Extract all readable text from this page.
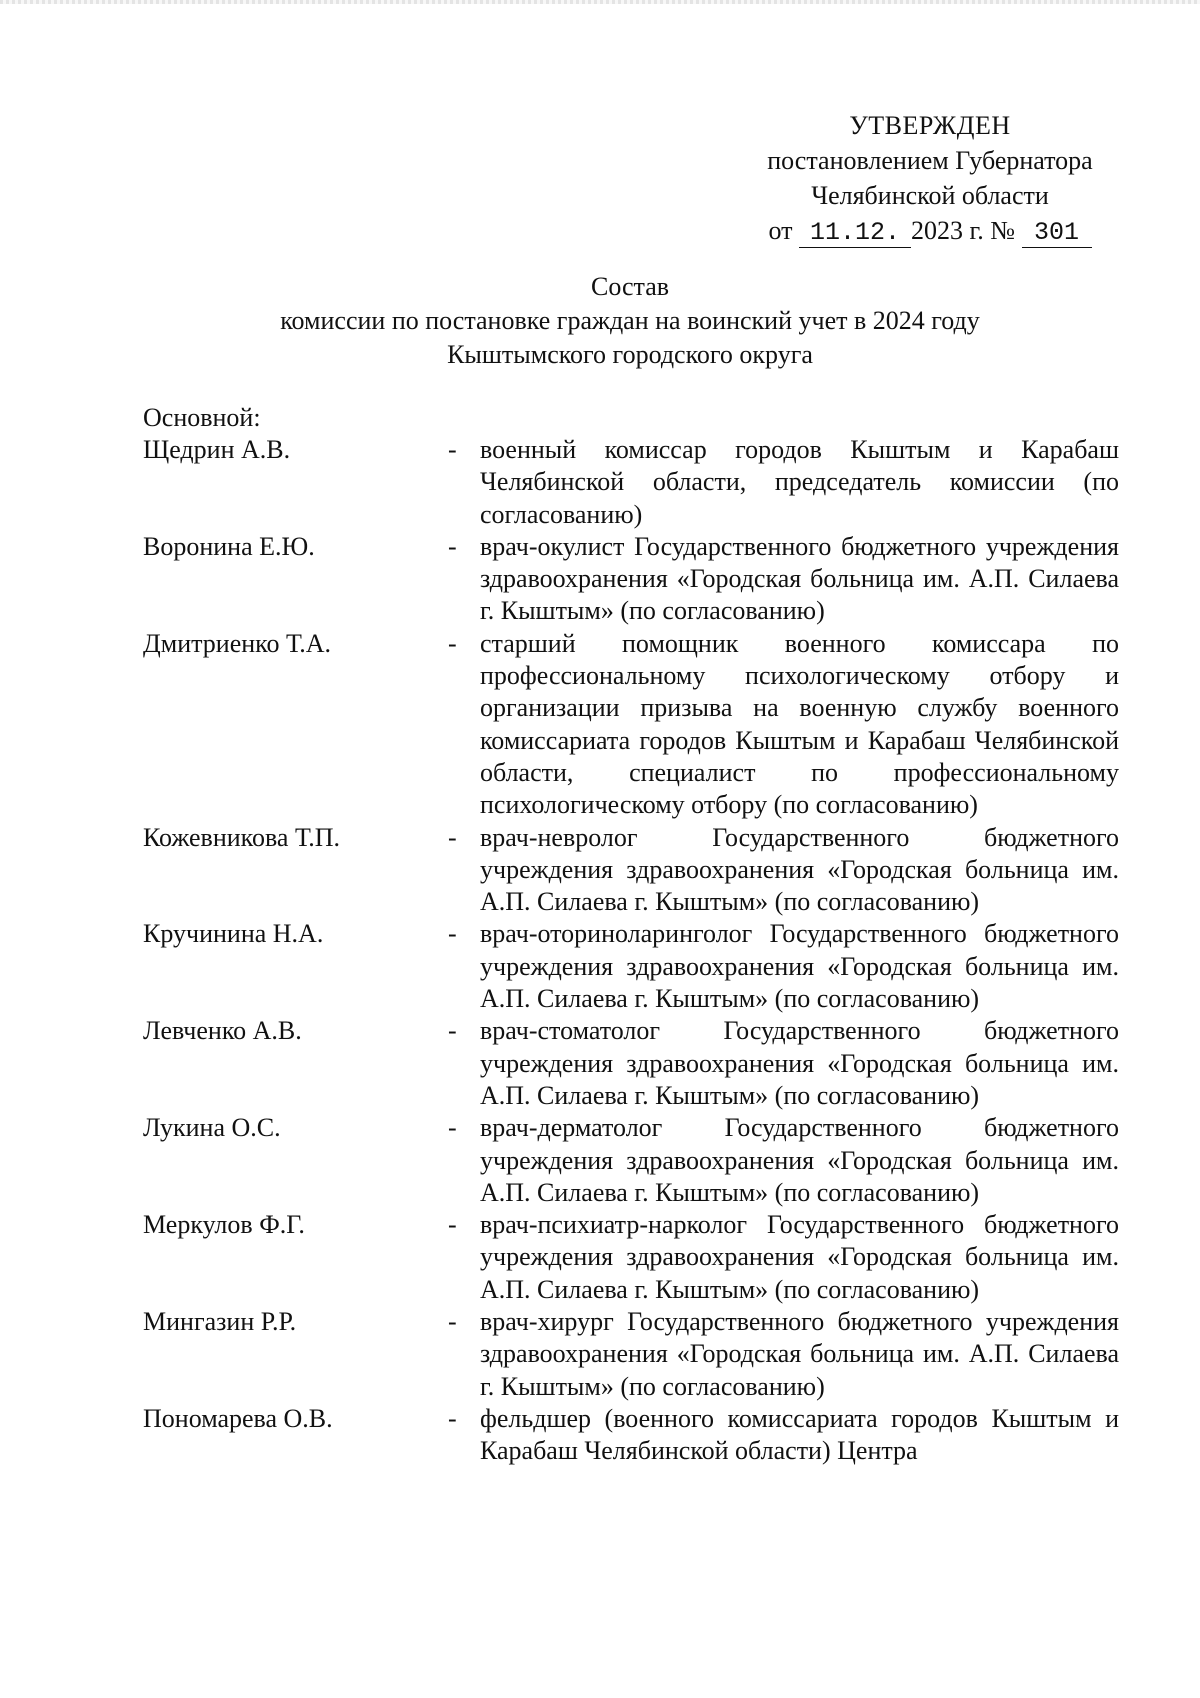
УТВЕРЖДЕН
постановлением Губернатора
Челябинской области
от 11.12. 2023 г. № 301
Состав
комиссии по постановке граждан на воинский учет в 2024 году
Кыштымского городского округа
Основной:
Щедрин А.В.	- военный комиссар городов Кыштым и Карабаш Челябинской области, председатель комиссии (по согласованию)
Воронина Е.Ю.	- врач-окулист Государственного бюджетного учреждения здравоохранения «Городская больница им. А.П. Силаева г. Кыштым» (по согласованию)
Дмитриенко Т.А.	- старший помощник военного комиссара по профессиональному психологическому отбору и организации призыва на военную службу военного комиссариата городов Кыштым и Карабаш Челябинской области, специалист по профессиональному психологическому отбору (по согласованию)
Кожевникова Т.П.	- врач-невролог Государственного бюджетного учреждения здравоохранения «Городская больница им. А.П. Силаева г. Кыштым» (по согласованию)
Кручинина Н.А.	- врач-оториноларинголог Государственного бюджетного учреждения здравоохранения «Городская больница им. А.П. Силаева г. Кыштым» (по согласованию)
Левченко А.В.	- врач-стоматолог Государственного бюджетного учреждения здравоохранения «Городская больница им. А.П. Силаева г. Кыштым» (по согласованию)
Лукина О.С.	- врач-дерматолог Государственного бюджетного учреждения здравоохранения «Городская больница им. А.П. Силаева г. Кыштым» (по согласованию)
Меркулов Ф.Г.	- врач-психиатр-нарколог Государственного бюджетного учреждения здравоохранения «Городская больница им. А.П. Силаева г. Кыштым» (по согласованию)
Мингазин Р.Р.	- врач-хирург Государственного бюджетного учреждения здравоохранения «Городская больница им. А.П. Силаева г. Кыштым» (по согласованию)
Пономарева О.В.	- фельдшер (военного комиссариата городов Кыштым и Карабаш Челябинской области) Центра
